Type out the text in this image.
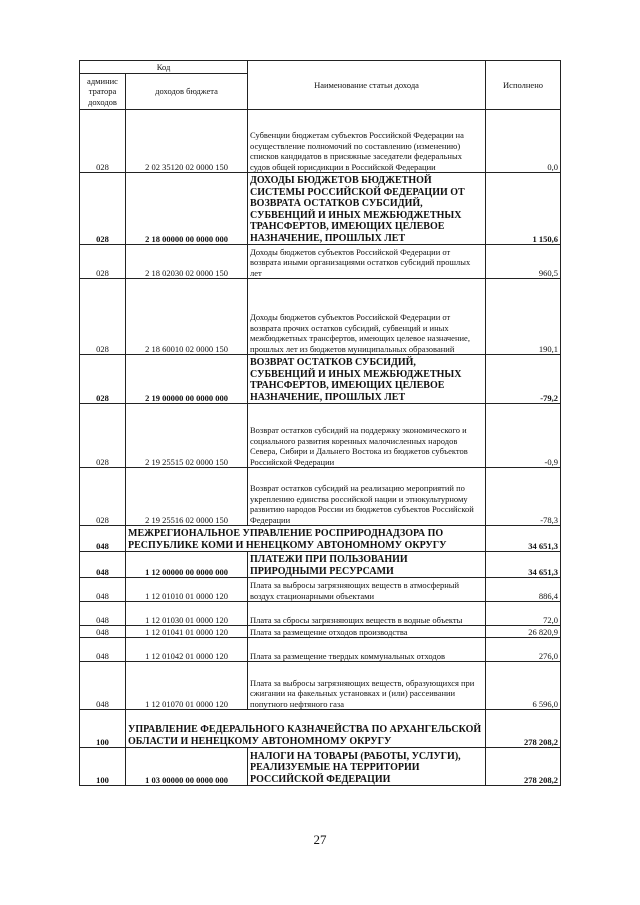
Код		Наименование статьи дохода	Исполнено
админис тратора доходов	доходов бюджета		
028	2 02 35120 02 0000 150	Субвенции бюджетам субъектов Российской Федерации на осуществление полномочий по составлению (изменению) списков кандидатов в присяжные заседатели федеральных судов общей юрисдикции в Российской Федерации	0,0
028	2 18 00000 00 0000 000	ДОХОДЫ БЮДЖЕТОВ БЮДЖЕТНОЙ СИСТЕМЫ РОССИЙСКОЙ ФЕДЕРАЦИИ ОТ ВОЗВРАТА ОСТАТКОВ СУБСИДИЙ, СУБВЕНЦИЙ И ИНЫХ МЕЖБЮДЖЕТНЫХ ТРАНСФЕРТОВ, ИМЕЮЩИХ ЦЕЛЕВОЕ НАЗНАЧЕНИЕ, ПРОШЛЫХ ЛЕТ	1 150,6
028	2 18 02030 02 0000 150	Доходы бюджетов субъектов Российской Федерации от возврата иными организациями остатков субсидий прошлых лет	960,5
028	2 18 60010 02 0000 150	Доходы бюджетов субъектов Российской Федерации от возврата прочих остатков субсидий, субвенций и иных межбюджетных трансфертов, имеющих целевое назначение, прошлых лет из бюджетов муниципальных образований	190,1
028	2 19 00000 00 0000 000	ВОЗВРАТ ОСТАТКОВ СУБСИДИЙ, СУБВЕНЦИЙ И ИНЫХ МЕЖБЮДЖЕТНЫХ ТРАНСФЕРТОВ, ИМЕЮЩИХ ЦЕЛЕВОЕ НАЗНАЧЕНИЕ, ПРОШЛЫХ ЛЕТ	-79,2
028	2 19 25515 02 0000 150	Возврат остатков субсидий на поддержку экономического и социального развития коренных малочисленных народов Севера, Сибири и Дальнего Востока из бюджетов субъектов Российской Федерации	-0,9
028	2 19 25516 02 0000 150	Возврат остатков субсидий на реализацию мероприятий по укреплению единства российской нации и этнокультурному развитию народов России из бюджетов субъектов Российской Федерации	-78,3
048	МЕЖРЕГИОНАЛЬНОЕ УПРАВЛЕНИЕ РОСПРИРОДНАДЗОРА ПО РЕСПУБЛИКЕ КОМИ И НЕНЕЦКОМУ АВТОНОМНОМУ ОКРУГУ		34 651,3
048	1 12 00000 00 0000 000	ПЛАТЕЖИ ПРИ ПОЛЬЗОВАНИИ ПРИРОДНЫМИ РЕСУРСАМИ	34 651,3
048	1 12 01010 01 0000 120	Плата за выбросы загрязняющих веществ в атмосферный воздух стационарными объектами	886,4
048	1 12 01030 01 0000 120	Плата за сбросы загрязняющих веществ в водные объекты	72,0
048	1 12 01041 01 0000 120	Плата за размещение отходов производства	26 820,9
048	1 12 01042 01 0000 120	Плата за размещение твердых коммунальных отходов	276,0
048	1 12 01070 01 0000 120	Плата за выбросы загрязняющих веществ, образующихся при сжигании на факельных установках и (или) рассеивании попутного нефтяного газа	6 596,0
100	УПРАВЛЕНИЕ ФЕДЕРАЛЬНОГО КАЗНАЧЕЙСТВА ПО АРХАНГЕЛЬСКОЙ ОБЛАСТИ И НЕНЕЦКОМУ АВТОНОМНОМУ ОКРУГУ		278 208,2
100	1 03 00000 00 0000 000	НАЛОГИ НА ТОВАРЫ (РАБОТЫ, УСЛУГИ), РЕАЛИЗУЕМЫЕ НА ТЕРРИТОРИИ РОССИЙСКОЙ ФЕДЕРАЦИИ	278 208,2
27
